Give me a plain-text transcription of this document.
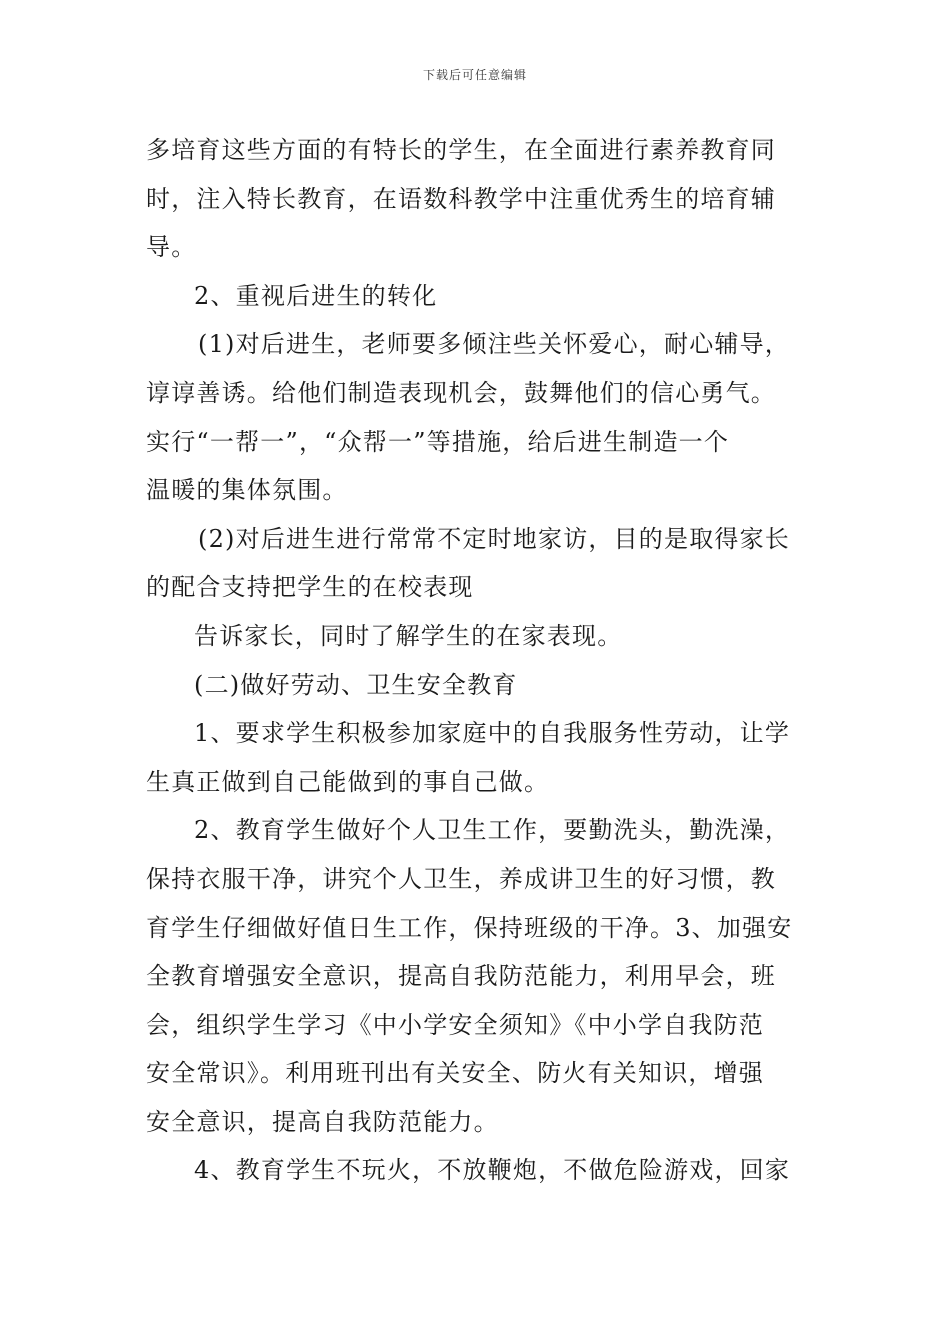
下载后可任意编辑
多培育这些方面的有特长的学生，在全面进行素养教育同
时，注入特长教育，在语数科教学中注重优秀生的培育辅
导。
2、重视后进生的转化
(1)对后进生，老师要多倾注些关怀爱心，耐心辅导，
谆谆善诱。给他们制造表现机会，鼓舞他们的信心勇气。
实行“一帮一”，“众帮一”等措施，给后进生制造一个
温暖的集体氛围。
(2)对后进生进行常常不定时地家访，目的是取得家长
的配合支持把学生的在校表现
告诉家长，同时了解学生的在家表现。
(二)做好劳动、卫生安全教育
1、要求学生积极参加家庭中的自我服务性劳动，让学
生真正做到自己能做到的事自己做。
2、教育学生做好个人卫生工作，要勤洗头，勤洗澡，
保持衣服干净，讲究个人卫生，养成讲卫生的好习惯，教
育学生仔细做好值日生工作，保持班级的干净。3、加强安
全教育增强安全意识，提高自我防范能力，利用早会，班
会，组织学生学习《中小学安全须知》《中小学自我防范
安全常识》。利用班刊出有关安全、防火有关知识，增强
安全意识，提高自我防范能力。
4、教育学生不玩火，不放鞭炮，不做危险游戏，回家
